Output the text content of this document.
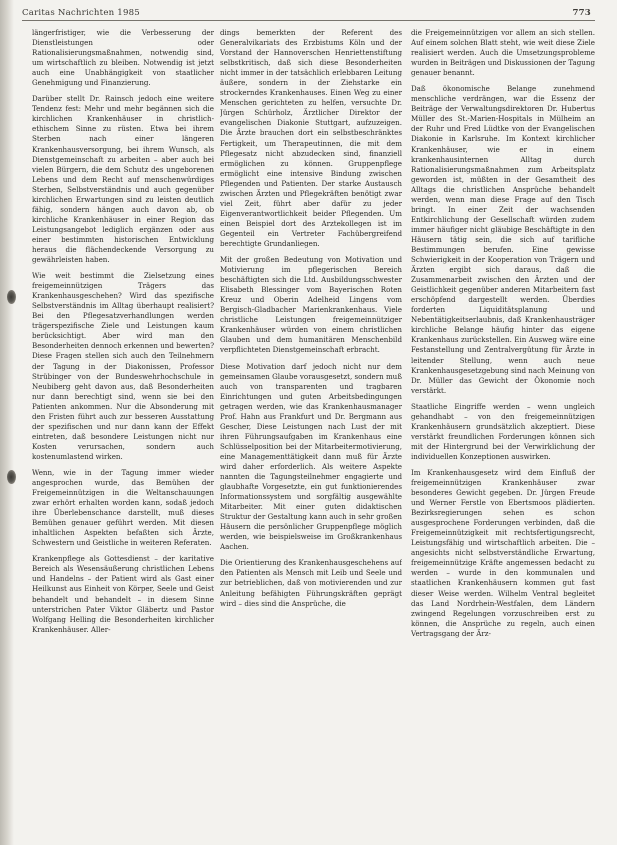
Caritas Nachrichten 1985	773

längerfristiger, wie die Verbesserung der Dienstleistungen oder Rationalisierungsmaßnahmen, notwendig sind, um wirtschaftlich zu bleiben. Notwendig ist jetzt auch eine Unabhängigkeit von staatlicher Genehmigung und Finanzierung.

Darüber stellt Dr. Rainsch jedoch eine weitere Tendenz fest: Mehr und mehr begännen sich die kirchlichen Krankenhäuser in christlich-ethischem Sinne zu rüsten. Etwa bei ihrem Sterben nach einer längeren Krankenhausversorgung, bei ihrem Wunsch, als Dienstgemeinschaft zu arbeiten – aber auch bei vielen Bürgern, die dem Schutz des ungeborenen Lebens und dem Recht auf menschenwürdiges Sterben, Selbstverständnis und auch gegenüber kirchlichen Erwartungen sind zu leisten deutlich fähig, sondern hängen auch davon ab, ob kirchliche Krankenhäuser in einer Region das Leistungsangebot lediglich ergänzen oder aus einer bestimmten historischen Entwicklung heraus die flächendeckende Versorgung zu gewährleisten haben.

Wie weit bestimmt die Zielsetzung eines freigemeinnützigen Trägers das Krankenhausgeschehen? Wird das spezifische Selbstverständnis im Alltag überhaupt realisiert? Bei den Pflegesatzverhandlungen werden trägerspezifische Ziele und Leistungen kaum berücksichtigt. Aber wird man den Besonderheiten dennoch erkennen und bewerten? Diese Fragen stellen sich auch den Teilnehmern der Tagung in der Diakonissen, Professor Strübinger von der Bundeswehrhochschule in Neubiberg geht davon aus, daß Besonderheiten nur dann berechtigt sind, wenn sie bei den Patienten ankommen. Nur die Absonderung mit den Fristen führt auch zur besseren Ausstattung der spezifischen und nur dann kann der Effekt eintreten, daß besondere Leistungen nicht nur Kosten verursachen, sondern auch kostenumlastend wirken.

Wenn, wie in der Tagung immer wieder angesprochen wurde, das Bemühen der Freigemeinnützigen in die Weltanschauungen zwar erhört erhalten worden kann, sodaß jedoch ihre Überlebenschance darstellt, muß dieses Bemühen genauer geführt werden. Mit diesen inhaltlichen Aspekten befaßten sich Ärzte, Schwestern und Geistliche in weiteren Referaten.

Krankenpflege als Gottesdienst – der karitative Bereich als Wesensäußerung christlichen Lebens und Handelns – der Patient wird als Gast einer Heilkunst aus Einheit von Körper, Seele und Geist behandelt und behandelt – in diesem Sinne unterstrichen Pater Viktor Gläbertz und Pastor Wolfgang Helling die Besonderheiten kirchlicher Krankenhäuser. Aller-

dings bemerkten der Referent des Generalvikariats des Erzbistums Köln und der Vorstand der Hannoverschen Henriettenstiftung selbstkritisch, daß sich diese Besonderheiten nicht immer in der tatsächlich erlebbaren Leitung äußere, sondern in der Ziehstarke ein strockerndes Krankenhauses. Einen Weg zu einer Menschen gerichteten zu helfen, versuchte Dr. Jürgen Schürholz, Ärztlicher Direktor der evangelischen Diakonie Stuttgart, aufzuzeigen. Die Ärzte brauchen dort ein selbstbeschränktes Fertigkeit, um Therapeutinnen, die mit dem Pflegesatz nicht abzudecken sind, finanziell ermöglichen zu können. Gruppenpflege ermöglicht eine intensive Bindung zwischen Pflegenden und Patienten. Der starke Austausch zwischen Ärzten und Pflegekräften benötigt zwar viel Zeit, führt aber dafür zu jeder Eigenverantwortlichkeit beider Pflegenden. Um einen Beispiel dort des Arztekollegen ist im Gegenteil ein Vertreter Fachübergreifend berechtigte Grundanliegen.

Mit der großen Bedeutung von Motivation und Motivierung im pflegerischen Bereich beschäftigten sich die Ltd. Ausbildungsschwester Elisabeth Blessinger vom Bayerischen Roten Kreuz und Oberin Adelheid Lingens vom Bergisch-Gladbacher Marienkrankenhaus. Viele christliche Leistungen freigemeinnütziger Krankenhäuser würden von einem christlichen Glauben und dem humanitären Menschenbild verpflichteten Dienstgemeinschaft erbracht.

Diese Motivation darf jedoch nicht nur dem gemeinsamen Glaube vorausgesetzt, sondern muß auch von transparenten und tragbaren Einrichtungen und guten Arbeitsbedingungen getragen werden, wie das Krankenhausmanager Prof. Hahn aus Frankfurt und Dr. Bergmann aus Gescher, Diese Leistungen nach Lust der mit ihren Führungsaufgaben im Krankenhaus eine Schlüsselposition bei der Mitarbeitermotivierung, eine Managementtätigkeit dann muß für Ärzte wird daher erforderlich. Als weitere Aspekte nannten die Tagungsteilnehmer engagierte und glaubhafte Vorgesetzte, ein gut funktionierendes Informationssystem und sorgfältig ausgewählte Mitarbeiter. Mit einer guten didaktischen Struktur der Gestaltung kann auch in sehr großen Häusern die persönlicher Gruppenpflege möglich werden, wie beispielsweise im Großkrankenhaus Aachen.

Die Orientierung des Krankenhausgeschehens auf den Patienten als Mensch mit Leib und Seele und zur betrieblichen, daß von motivierenden und zur Anleitung befähigten Führungskräften geprägt wird – dies sind die Ansprüche, die

die Freigemeinnützigen vor allem an sich stellen. Auf einem solchen Blatt steht, wie weit diese Ziele realisiert werden. Auch die Umsetzungsprobleme wurden in Beiträgen und Diskussionen der Tagung genauer benannt.

Daß ökonomische Belange zunehmend menschliche verdrängen, war die Essenz der Beiträge der Verwaltungsdirektoren Dr. Hubertus Müller des St.-Marien-Hospitals in Mülheim an der Ruhr und Fred Lüdtke von der Evangelischen Diakonie in Karlsruhe. Im Kontext kirchlicher Krankenhäuser, wie er in einem krankenhausinternen Alltag durch Rationalisierungsmaßnahmen zum Arbeitsplatz geworden ist, müßten in der Gesamtheit des Alltags die christlichen Ansprüche behandelt werden, wenn man diese Frage auf den Tisch bringt. In einer Zeit der wachsenden Entkirchlichung der Gesellschaft würden zudem immer häufiger nicht gläubige Beschäftigte in den Häusern tätig sein, die sich auf tarifliche Bestimmungen berufen. Eine gewisse Schwierigkeit in der Kooperation von Trägern und Ärzten ergibt sich daraus, daß die Zusammenarbeit zwischen den Ärzten und der Geistlichkeit gegenüber anderen Mitarbeitern fast erschöpfend dargestellt werden. Überdies forderten Liquiditätsplanung und Nebentätigkeitserlaubnis, daß Krankenhausträger kirchliche Belange häufig hinter das eigene Krankenhaus zurückstellen. Ein Ausweg wäre eine Festanstellung und Zentralvergütung für Ärzte in leitender Stellung, wenn auch neue Krankenhausgesetzgebung sind nach Meinung von Dr. Müller das Gewicht der Ökonomie noch verstärkt.

Staatliche Eingriffe werden – wenn ungleich gehandhabt – von den freigemeinnützigen Krankenhäusern grundsätzlich akzeptiert. Diese verstärkt freundlichen Forderungen können sich mit der Hintergrund bei der Verwirklichung der individuellen Konzeptionen auswirken.

Im Krankenhausgesetz wird dem Einfluß der freigemeinnützigen Krankenhäuser zwar besonderes Gewicht gegeben. Dr. Jürgen Freude und Werner Ferstle von Ebertsmoos plädierten. Bezirksregierungen sehen es schon ausgesprochene Forderungen verbinden, daß die Freigemeinnützigkeit mit rechtsfertigungsrecht, Leistungsfähig und wirtschaftlich arbeiten. Die – angesichts nicht selbstverständliche Erwartung, freigemeinnützige Kräfte angemessen bedacht zu werden – wurde in den kommunalen und staatlichen Krankenhäusern kommen gut fast dieser Weise werden. Wilhelm Ventral begleitet das Land Nordrhein-Westfalen, dem Ländern zwingend Regelungen vorzuschreiben erst zu können, die Ansprüche zu regeln, auch einen Vertragsgang der Ärz-
